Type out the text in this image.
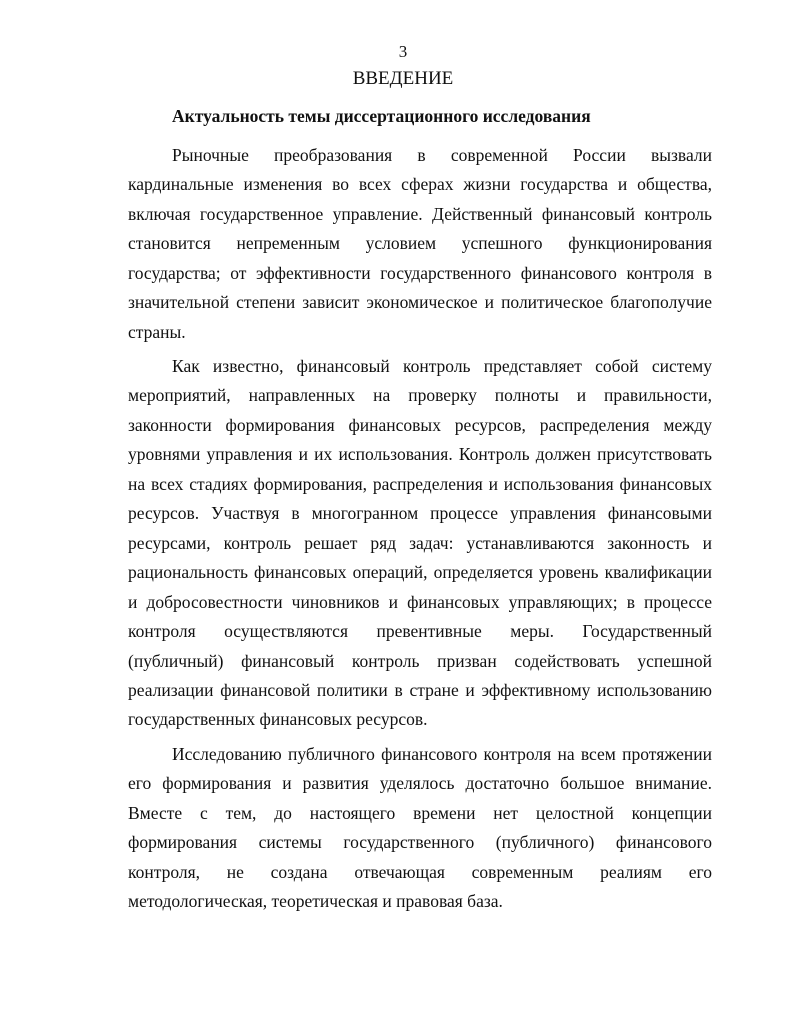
3
ВВЕДЕНИЕ
Актуальность темы диссертационного исследования
Рыночные преобразования в современной России вызвали
кардинальные изменения во всех сферах жизни государства и общества,
включая государственное управление. Действенный финансовый контроль
становится непременным условием успешного функционирования
государства; от эффективности государственного финансового контроля в
значительной степени зависит экономическое и политическое благополучие
страны.
Как известно, финансовый контроль представляет собой систему
мероприятий, направленных на проверку полноты и правильности,
законности формирования финансовых ресурсов, распределения между
уровнями управления и их использования. Контроль должен присутствовать
на всех стадиях формирования, распределения и использования финансовых
ресурсов. Участвуя в многогранном процессе управления финансовыми
ресурсами, контроль решает ряд задач: устанавливаются законность и
рациональность финансовых операций, определяется уровень квалификации
и добросовестности чиновников и финансовых управляющих; в процессе
контроля осуществляются превентивные меры. Государственный
(публичный) финансовый контроль призван содействовать успешной
реализации финансовой политики в стране и эффективному использованию
государственных финансовых ресурсов.
Исследованию публичного финансового контроля на всем протяжении
его формирования и развития уделялось достаточно большое внимание.
Вместе с тем, до настоящего времени нет целостной концепции
формирования системы государственного (публичного) финансового
контроля, не создана отвечающая современным реалиям его
методологическая, теоретическая и правовая база.
